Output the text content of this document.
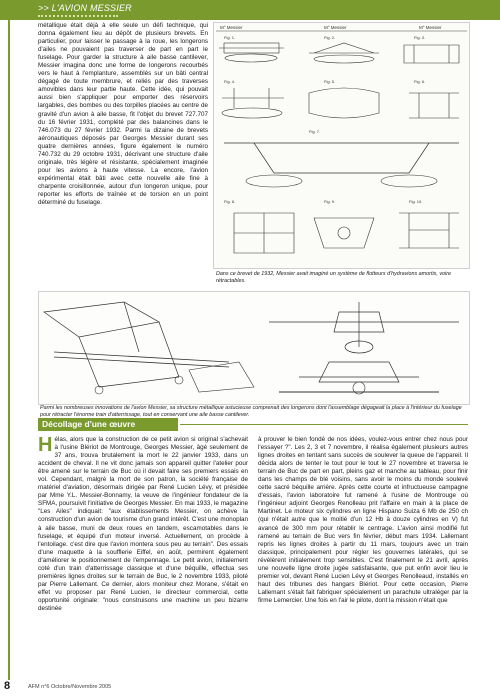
>> L'AVION MESSIER

métallique était déjà à elle seule un défi technique, qui donna également lieu au dépôt de plusieurs brevets. En particulier, pour laisser le passage à la roue, les longerons d'ailes ne pouvaient pas traverser de part en part le fuselage. Pour garder la structure à aile basse cantilever, Messier imagina donc une forme de longerons recourbés vers le haut à l'emplanture, assemblés sur un bâti central dégagé de toute membrure, et reliés par des traverses amovibles dans leur partie haute. Cette idée, qui pouvait aussi bien s'appliquer pour emporter des réservoirs largables, des bombes ou des torpilles placées au centre de gravité d'un avion à aile basse, fit l'objet du brevet 727.707 du 16 février 1931, complété par des balancines dans le 746.073 du 27 février 1932. Parmi la dizaine de brevets aéronautiques déposés par Georges Messier durant ses quatre dernières années, figure également le numéro 740.732 du 29 octobre 1931, décrivant une structure d'aile originale, très légère et résistante, spécialement imaginée pour les avions à haute vitesse. La encore, l'avion expérimental était bâti avec cette nouvelle aile fine à charpente croisillonnée, autour d'un longeron unique, pour reporter les efforts de traînée et de torsion en un point déterminé du fuselage.

M° Messier	M° Messier	M° Messier
Fig. 1.	Fig. 2.	Fig. 3.
Fig. 4.	Fig. 5.	Fig. 6.
Fig. 7.
Fig. 8.	Fig. 9.	Fig. 10.
Dans ce brevet de 1932, Messier avait imaginé un système de flotteurs d'hydravions amortis, voire rétractables.
Parmi les nombreuses innovations de l'avion Messier, sa structure métallique astucieuse comprenait des longerons dont l'assemblage dégageait la place à l'intérieur du fuselage pour rétracter l'énorme train d'atterrissage, tout en conservant une aile basse cantilever.
Décollage d'une œuvre inachevée

Hélas, alors que la construction de ce petit avion si original s'achevait à l'usine Blériot de Montrouge, Georges Messier, âgé seulement de 37 ans, trouva brutalement la mort le 22 janvier 1933, dans un accident de cheval. Il ne vit donc jamais son appareil quitter l'atelier pour être amené sur le terrain de Buc où il devait faire ses premiers essais en vol. Cependant, malgré la mort de son patron, la société française de matériel d'aviation, désormais dirigée par René Lucien Lévy, et présidée par Mme Y.L. Messier-Bonnamy, la veuve de l'ingénieur fondateur de la SFMA, poursuivit l'initiative de Georges Messier. En mai 1933, le magazine "Les Ailes" indiquait: "aux établissements Messier, on achève la construction d'un avion de tourisme d'un grand intérêt. C'est une monoplan à aile basse, muni de deux roues en tandem, escamotables dans le fuselage, et équipé d'un moteur inversé. Actuellement, on procède à l'entoilage. c'est dire que l'avion montera sous peu au terrain". Des essais d'une maquette à la soufflerie Eiffel, en août, permirent également d'améliorer le positionnement de l'empennage. Le petit avion, initialement coté d'un train d'atterrissage classique et d'une béquille, effectua ses premières lignes droites sur le terrain de Buc, le 2 novembre 1933, piloté par Pierre Lallemant. Ce dernier, alors moniteur chez Morane, s'était en effet vu proposer par René Lucien, le directeur commercial, cette opportunité originale: "nous construisons une machine un peu bizarre destinée

à prouver le bien fondé de nos idées, voulez-vous entrer chez nous pour l'essayer ?". Les 2, 3 et 7 novembre, il réalisa également plusieurs autres lignes droites en tentant sans succès de soulever la queue de l'appareil. Il décida alors de tenter le tout pour le tout le 27 novembre et traversa le terrain de Buc de part en part, pleins gaz et manche au tableau, pour finir dans les champs de blé voisins, sans avoir le moins du monde soulevé cette sacré béquille arrière. Après cette courte et infructueuse campagne d'essais, l'avion laboratoire fut ramené à l'usine de Montrouge où l'ingénieur adjoint Georges Renolleau prit l'affaire en main à la place de Martinet. Le moteur six cylindres en ligne Hispano Suiza 6 Mb de 250 ch (qui n'était autre que le moitié d'un 12 Hb à douze cylindres en V) fut avancé de 300 mm pour rétablir le centrage. L'avion ainsi modifié fut ramené au terrain de Buc vers fin février, début mars 1934. Lallemant repris les lignes droites à partir du 11 mars, toujours avec un train classique, principalement pour régler les gouvernes latérales, qui se révélèrent initialement trop sensibles. C'est finalement le 21 avril, après une nouvelle ligne droite jugée satisfaisante, que put enfin avoir lieu le premier vol, devant René Lucien Lévy et Georges Renolleaud, installés en haut des tribunes des hangars Blériot. Pour cette occasion, Pierre Lallemant s'était fait fabriquer spécialement un parachute ultraléger par la firme Lemercier. Une fois en l'air le pilote, dont la mission n'était que

8	AFM n°6 Octobre/Novembre 2005
